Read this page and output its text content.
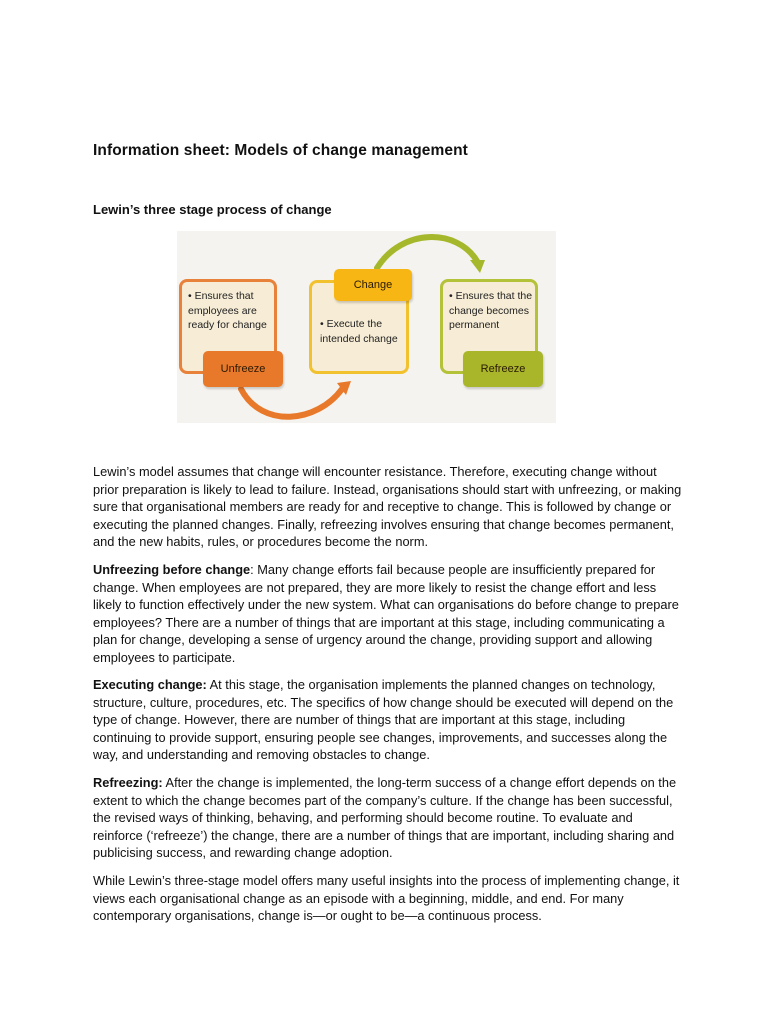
Information sheet: Models of change management
Lewin’s three stage process of change
• Ensures that employees are ready for change	• Execute the intended change
• Ensures that the change becomes permanent
Unfreeze
Change
Refreeze

Lewin’s model assumes that change will encounter resistance. Therefore, executing change without prior preparation is likely to lead to failure. Instead, organisations should start with unfreezing, or making sure that organisational members are ready for and receptive to change. This is followed by change or executing the planned changes. Finally, refreezing involves ensuring that change becomes permanent, and the new habits, rules, or procedures become the norm.

Unfreezing before change: Many change efforts fail because people are insufficiently prepared for change. When employees are not prepared, they are more likely to resist the change effort and less likely to function effectively under the new system. What can organisations do before change to prepare employees? There are a number of things that are important at this stage, including communicating a plan for change, developing a sense of urgency around the change, providing support and allowing employees to participate.

Executing change: At this stage, the organisation implements the planned changes on technology, structure, culture, procedures, etc. The specifics of how change should be executed will depend on the type of change. However, there are number of things that are important at this stage, including continuing to provide support, ensuring people see changes, improvements, and successes along the way, and understanding and removing obstacles to change.

Refreezing: After the change is implemented, the long-term success of a change effort depends on the extent to which the change becomes part of the company’s culture. If the change has been successful, the revised ways of thinking, behaving, and performing should become routine. To evaluate and reinforce (‘refreeze’) the change, there are a number of things that are important, including sharing and publicising success, and rewarding change adoption.

While Lewin’s three-stage model offers many useful insights into the process of implementing change, it views each organisational change as an episode with a beginning, middle, and end. For many contemporary organisations, change is—or ought to be—a continuous process.
